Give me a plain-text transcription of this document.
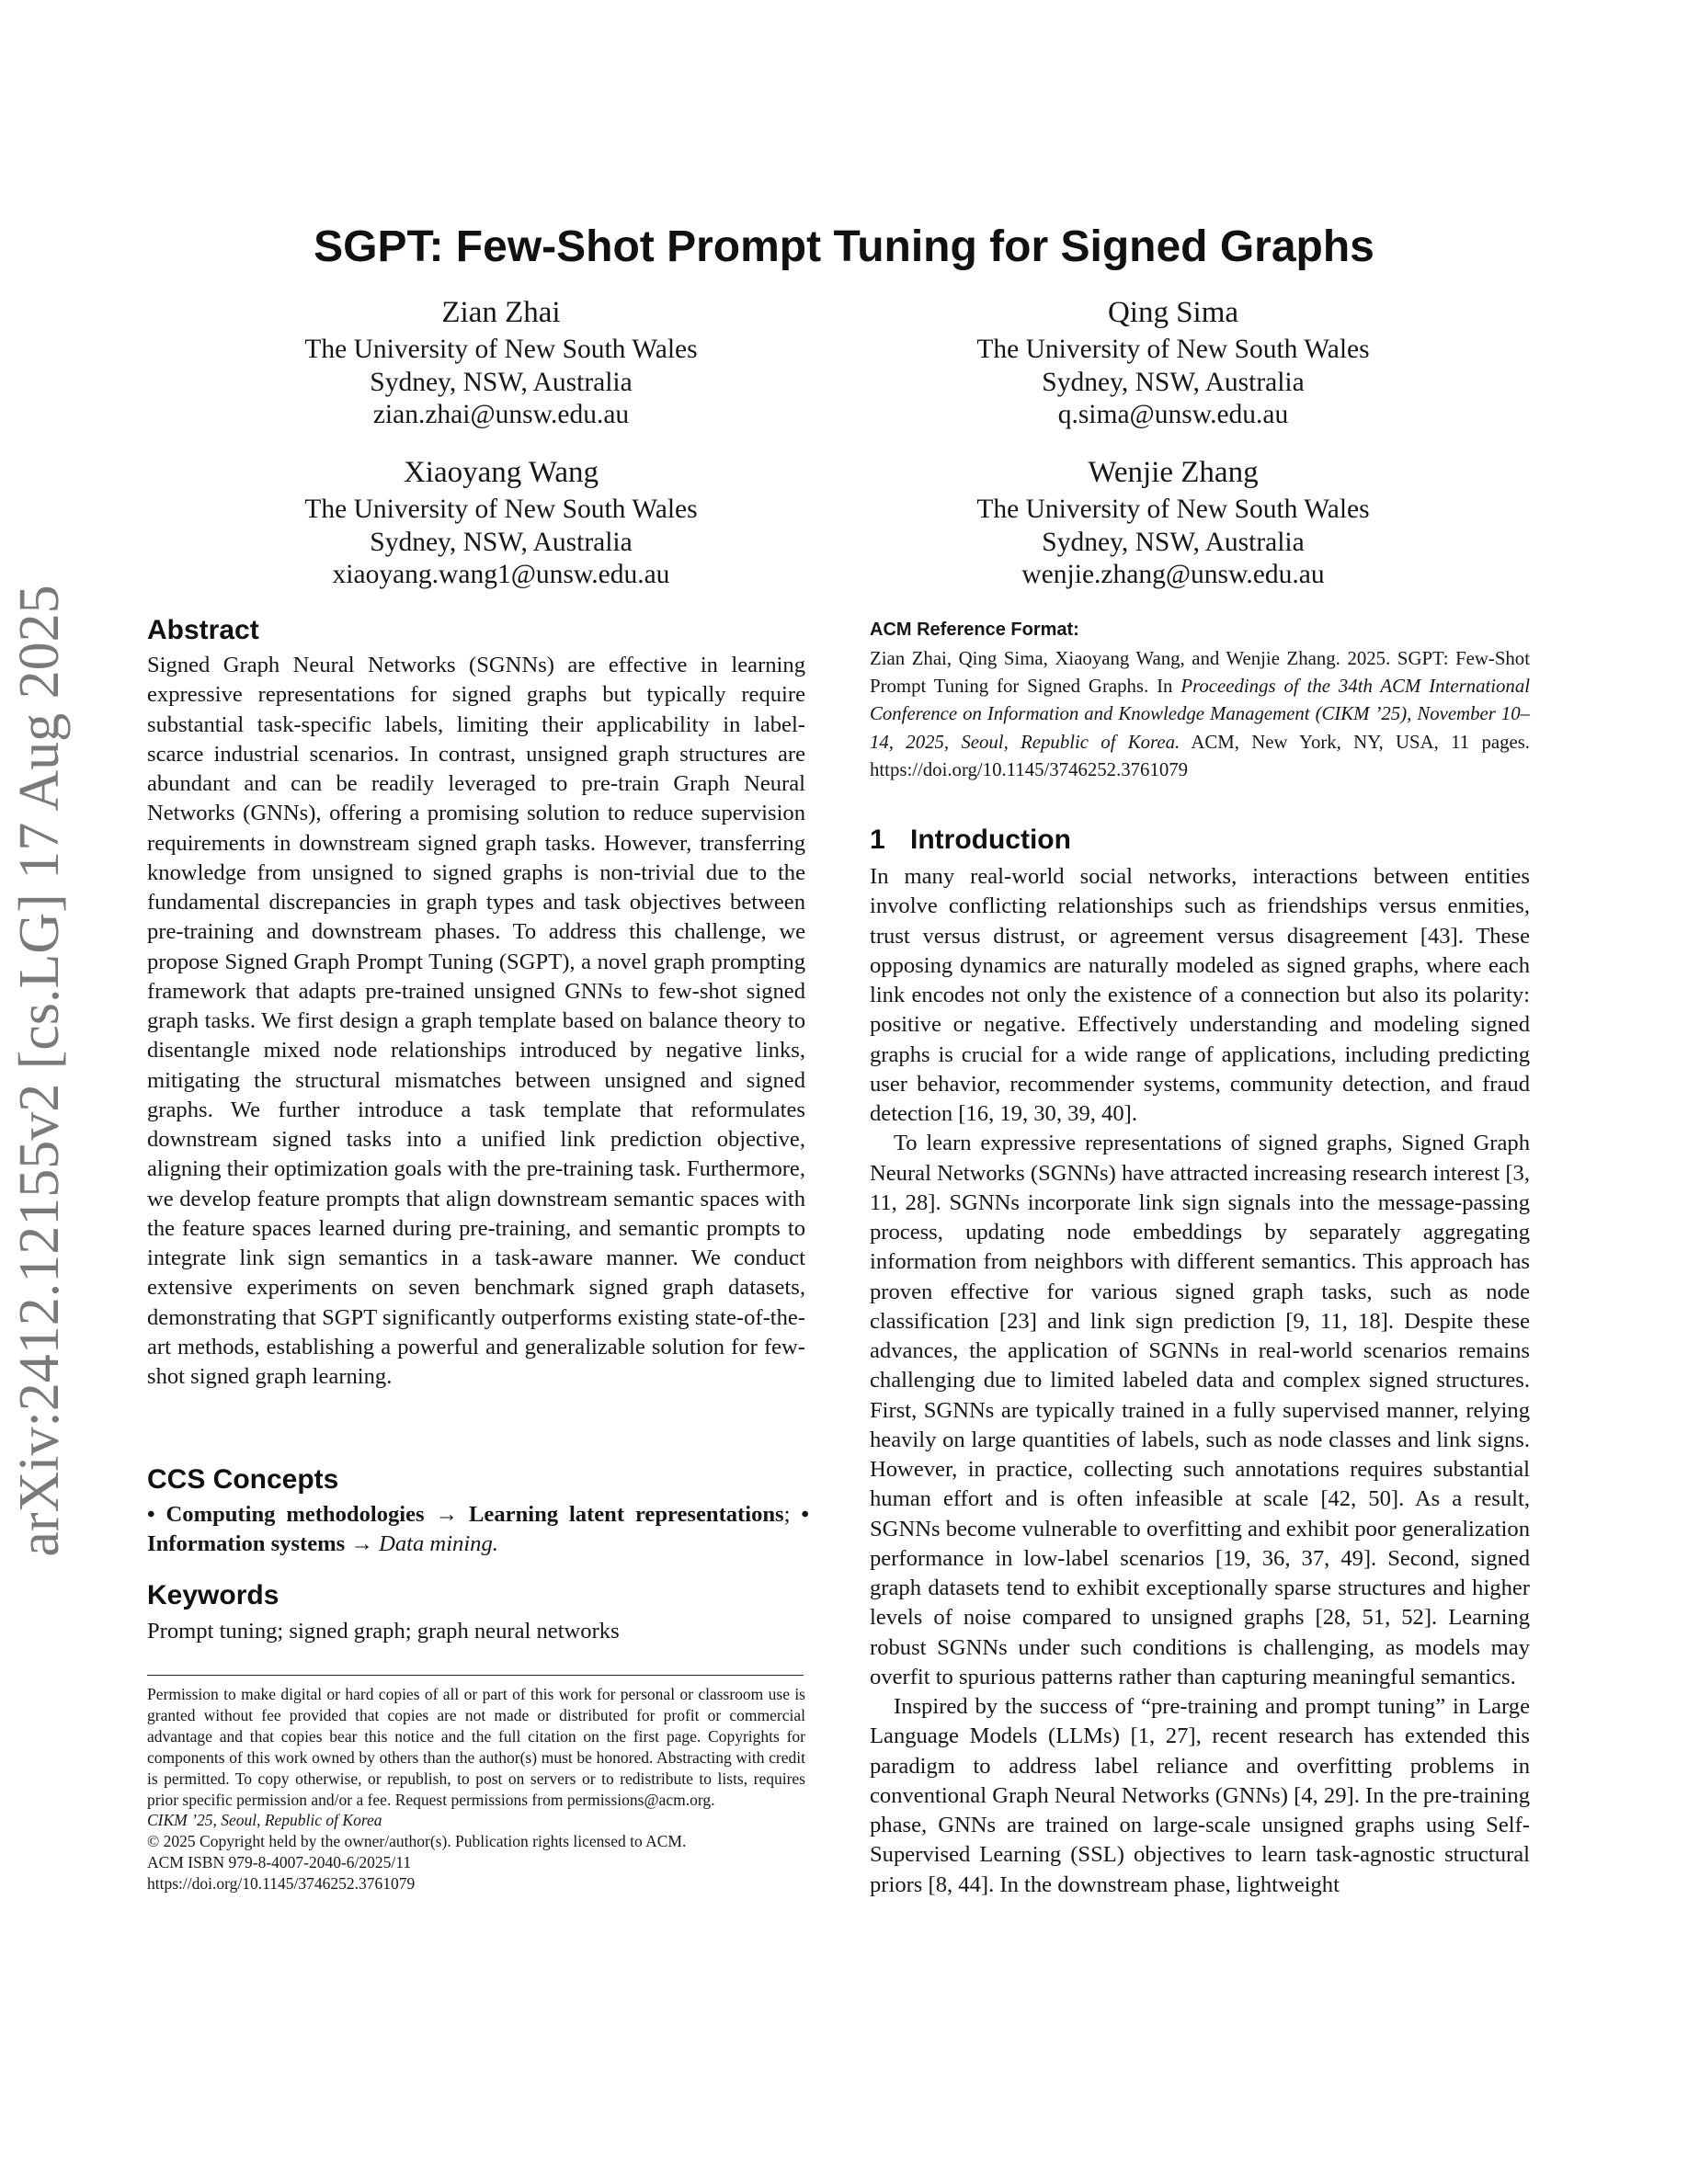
SGPT: Few-Shot Prompt Tuning for Signed Graphs
Zian Zhai
The University of New South Wales
Sydney, NSW, Australia
zian.zhai@unsw.edu.au
Qing Sima
The University of New South Wales
Sydney, NSW, Australia
q.sima@unsw.edu.au
Xiaoyang Wang
The University of New South Wales
Sydney, NSW, Australia
xiaoyang.wang1@unsw.edu.au
Wenjie Zhang
The University of New South Wales
Sydney, NSW, Australia
wenjie.zhang@unsw.edu.au
arXiv:2412.12155v2 [cs.LG] 17 Aug 2025	Abstract

Signed Graph Neural Networks (SGNNs) are effective in learning expressive representations for signed graphs but typically require substantial task-specific labels, limiting their applicability in label-scarce industrial scenarios. In contrast, unsigned graph structures are abundant and can be readily leveraged to pre-train Graph Neural Networks (GNNs), offering a promising solution to reduce supervision requirements in downstream signed graph tasks. However, transferring knowledge from unsigned to signed graphs is non-trivial due to the fundamental discrepancies in graph types and task objectives between pre-training and downstream phases. To address this challenge, we propose Signed Graph Prompt Tuning (SGPT), a novel graph prompting framework that adapts pre-trained unsigned GNNs to few-shot signed graph tasks. We first design a graph template based on balance theory to disentangle mixed node relationships introduced by negative links, mitigating the structural mismatches between unsigned and signed graphs. We further introduce a task template that reformulates downstream signed tasks into a unified link prediction objective, aligning their optimization goals with the pre-training task. Furthermore, we develop feature prompts that align downstream semantic spaces with the feature spaces learned during pre-training, and semantic prompts to integrate link sign semantics in a task-aware manner. We conduct extensive experiments on seven benchmark signed graph datasets, demonstrating that SGPT significantly outperforms existing state-of-the-art methods, establishing a powerful and generalizable solution for few-shot signed graph learning.

CCS Concepts
• Computing methodologies → Learning latent representations; • Information systems → Data mining.
Keywords
Prompt tuning; signed graph; graph neural networks
Permission to make digital or hard copies of all or part of this work for personal or classroom use is granted without fee provided that copies are not made or distributed for profit or commercial advantage and that copies bear this notice and the full citation on the first page. Copyrights for components of this work owned by others than the author(s) must be honored. Abstracting with credit is permitted. To copy otherwise, or republish, to post on servers or to redistribute to lists, requires prior specific permission and/or a fee. Request permissions from permissions@acm.org.
CIKM ’25, Seoul, Republic of Korea
© 2025 Copyright held by the owner/author(s). Publication rights licensed to ACM.
ACM ISBN 979-8-4007-2040-6/2025/11
https://doi.org/10.1145/3746252.3761079
ACM Reference Format:
Zian Zhai, Qing Sima, Xiaoyang Wang, and Wenjie Zhang. 2025. SGPT: Few-Shot Prompt Tuning for Signed Graphs. In Proceedings of the 34th ACM International Conference on Information and Knowledge Management (CIKM ’25), November 10–14, 2025, Seoul, Republic of Korea. ACM, New York, NY, USA, 11 pages. https://doi.org/10.1145/3746252.3761079
1 Introduction

In many real-world social networks, interactions between entities involve conflicting relationships such as friendships versus enmities, trust versus distrust, or agreement versus disagreement [43]. These opposing dynamics are naturally modeled as signed graphs, where each link encodes not only the existence of a connection but also its polarity: positive or negative. Effectively understanding and modeling signed graphs is crucial for a wide range of applications, including predicting user behavior, recommender systems, community detection, and fraud detection [16, 19, 30, 39, 40].

To learn expressive representations of signed graphs, Signed Graph Neural Networks (SGNNs) have attracted increasing research interest [3, 11, 28]. SGNNs incorporate link sign signals into the message-passing process, updating node embeddings by separately aggregating information from neighbors with different semantics. This approach has proven effective for various signed graph tasks, such as node classification [23] and link sign prediction [9, 11, 18]. Despite these advances, the application of SGNNs in real-world scenarios remains challenging due to limited labeled data and complex signed structures. First, SGNNs are typically trained in a fully supervised manner, relying heavily on large quantities of labels, such as node classes and link signs. However, in practice, collecting such annotations requires substantial human effort and is often infeasible at scale [42, 50]. As a result, SGNNs become vulnerable to overfitting and exhibit poor generalization performance in low-label scenarios [19, 36, 37, 49]. Second, signed graph datasets tend to exhibit exceptionally sparse structures and higher levels of noise compared to unsigned graphs [28, 51, 52]. Learning robust SGNNs under such conditions is challenging, as models may overfit to spurious patterns rather than capturing meaningful semantics.

Inspired by the success of “pre-training and prompt tuning” in Large Language Models (LLMs) [1, 27], recent research has extended this paradigm to address label reliance and overfitting problems in conventional Graph Neural Networks (GNNs) [4, 29]. In the pre-training phase, GNNs are trained on large-scale unsigned graphs using Self-Supervised Learning (SSL) objectives to learn task-agnostic structural priors [8, 44]. In the downstream phase, lightweight
